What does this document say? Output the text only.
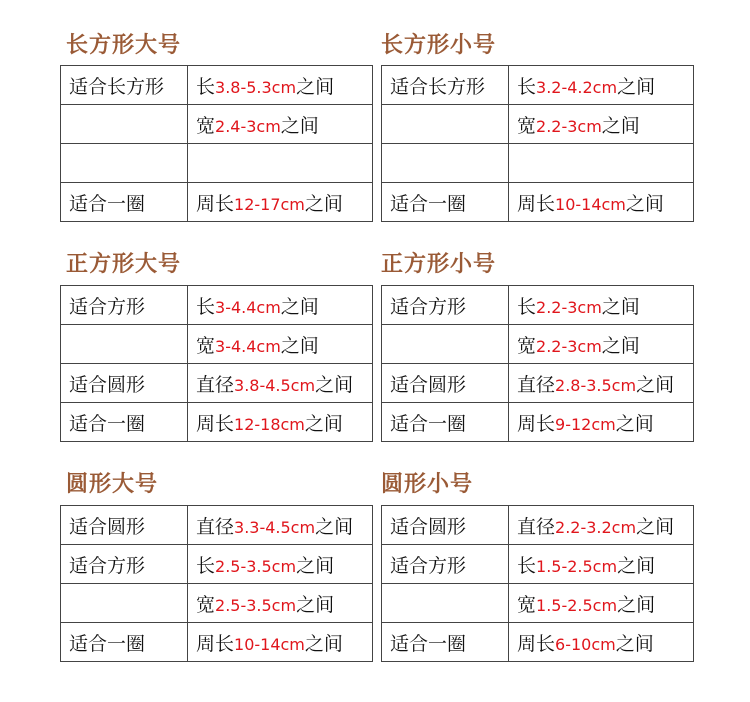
长方形大号
适合长方形	长3.8-5.3cm之间
	宽2.4-3cm之间

适合一圈	周长12-17cm之间
长方形小号
适合长方形	长3.2-4.2cm之间
	宽2.2-3cm之间

适合一圈	周长10-14cm之间
正方形大号
适合方形	长3-4.4cm之间
	宽3-4.4cm之间
适合圆形	直径3.8-4.5cm之间
适合一圈	周长12-18cm之间
正方形小号
适合方形	长2.2-3cm之间
	宽2.2-3cm之间
适合圆形	直径2.8-3.5cm之间
适合一圈	周长9-12cm之间
圆形大号
适合圆形	直径3.3-4.5cm之间
适合方形	长2.5-3.5cm之间
	宽2.5-3.5cm之间
适合一圈	周长10-14cm之间
圆形小号
适合圆形	直径2.2-3.2cm之间
适合方形	长1.5-2.5cm之间
	宽1.5-2.5cm之间
适合一圈	周长6-10cm之间
